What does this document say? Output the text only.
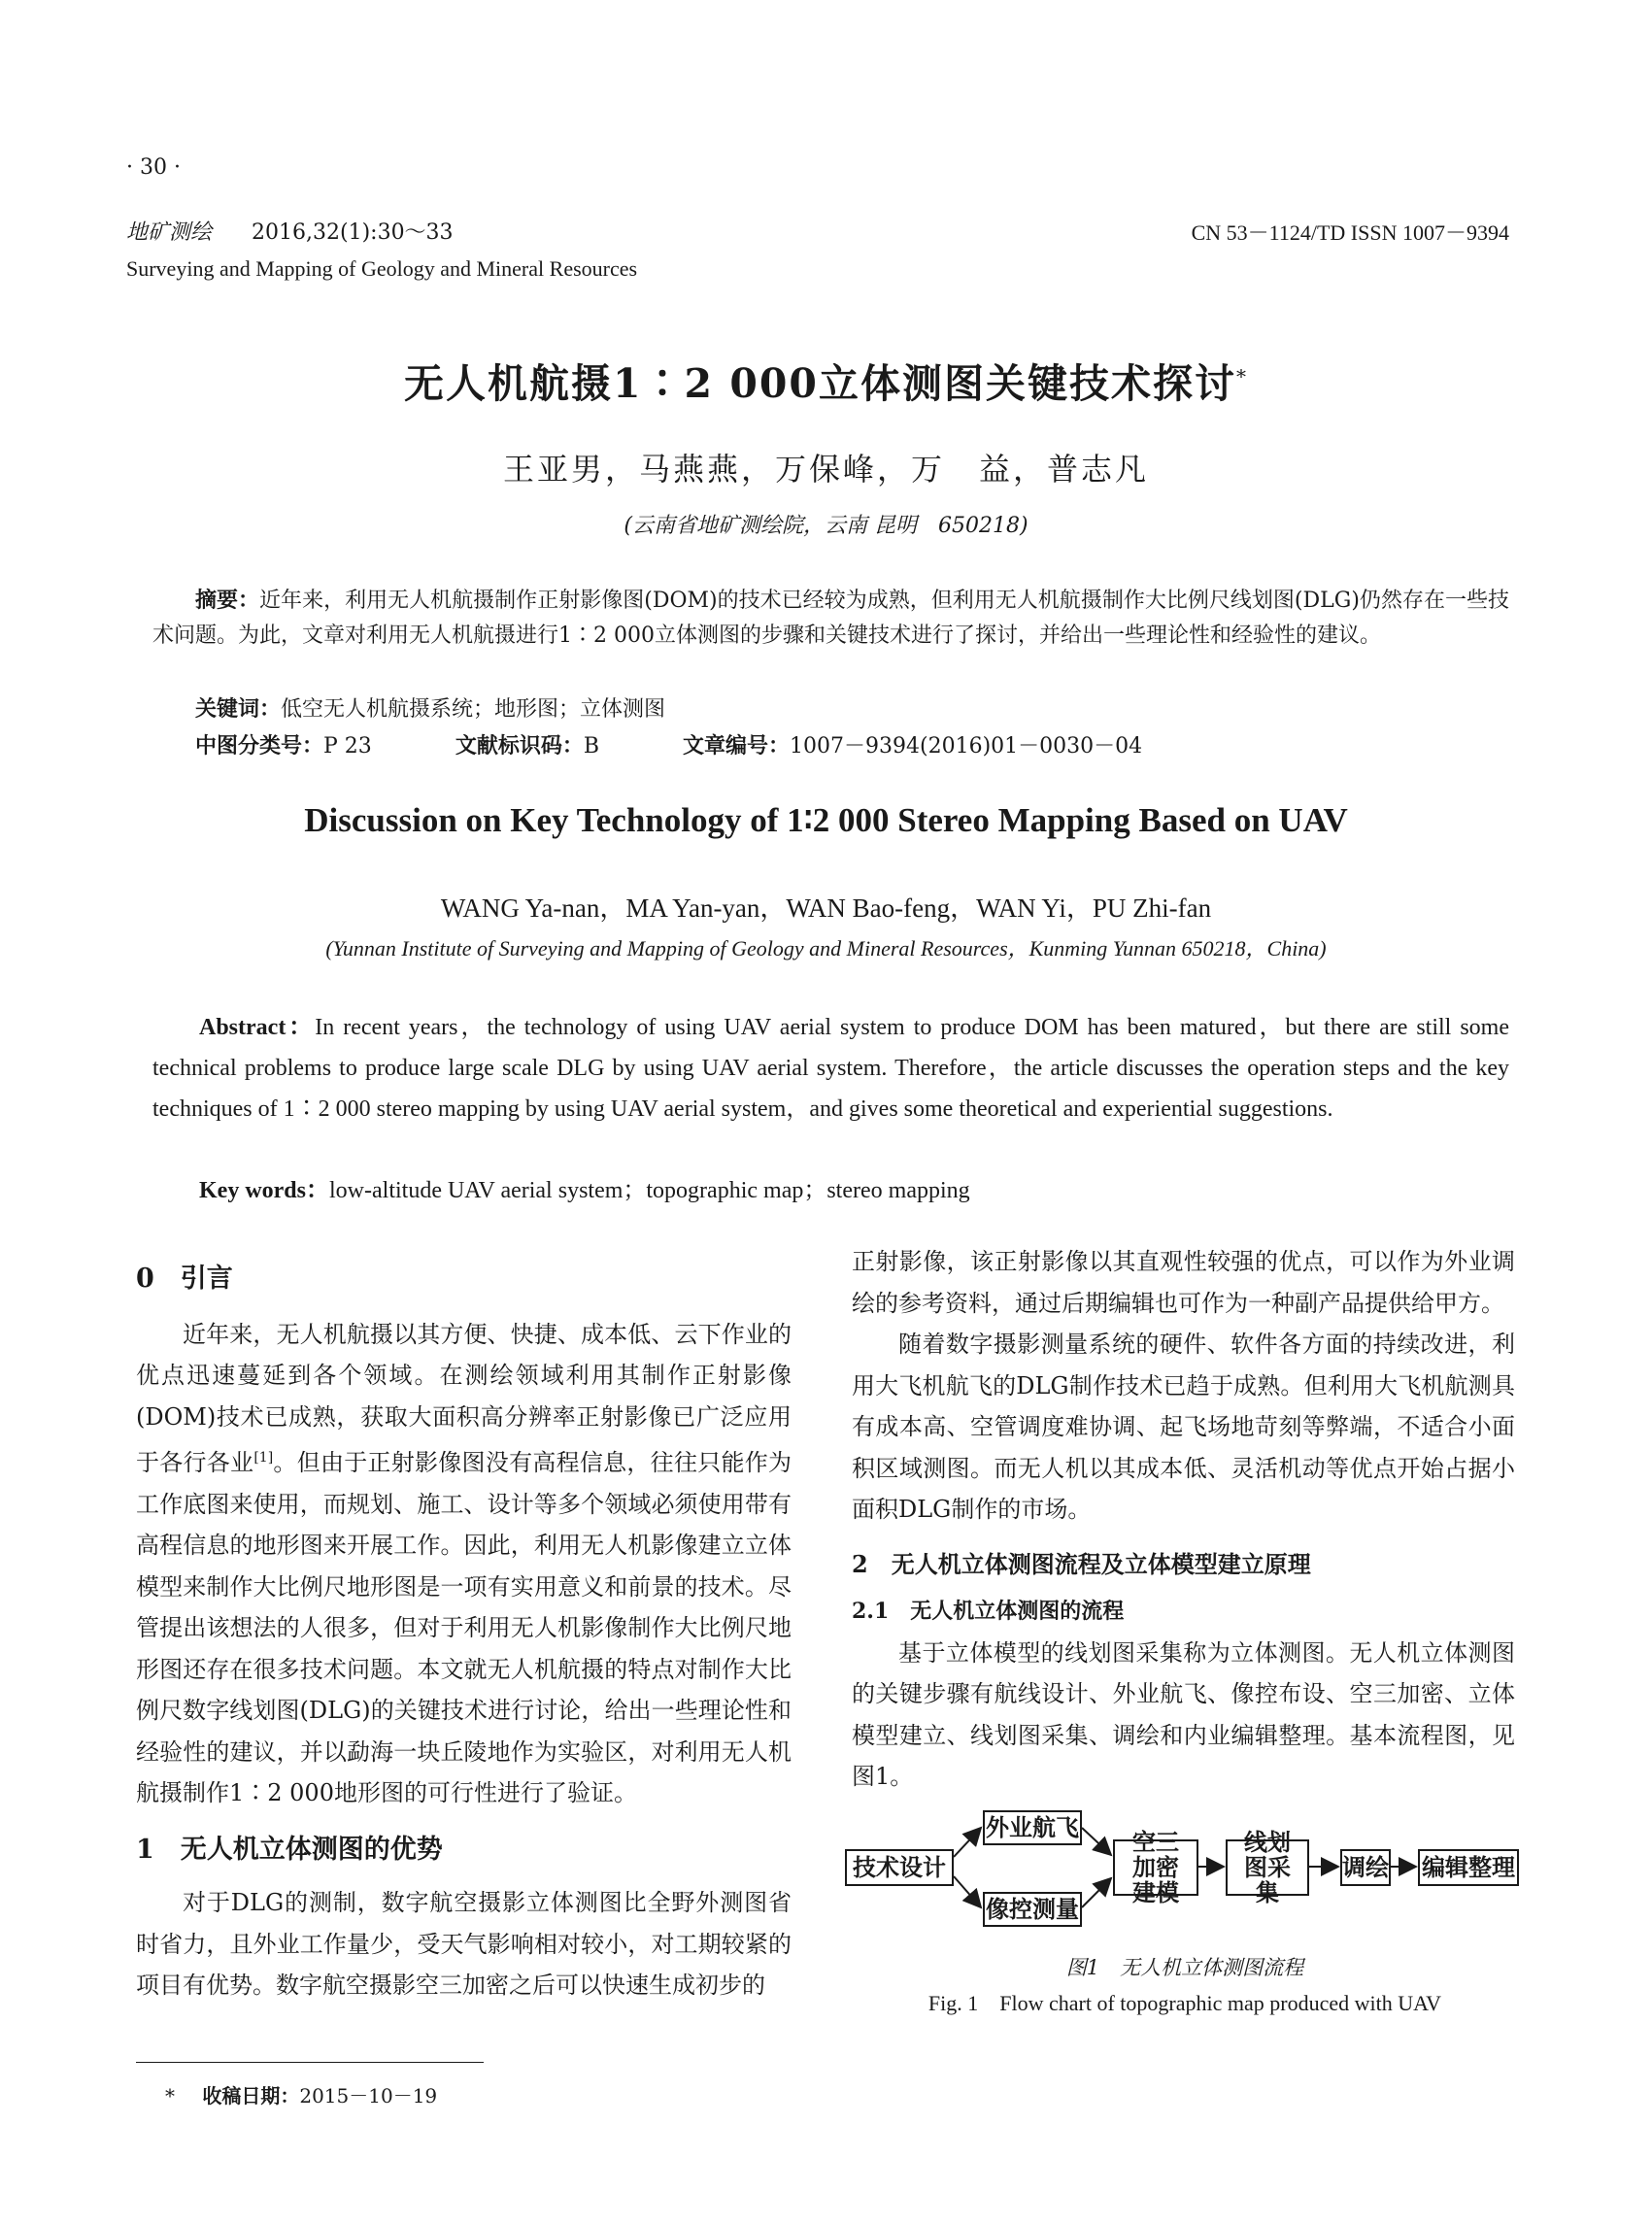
· 30 ·
地矿测绘 2016,32(1):30～33
Surveying and Mapping of Geology and Mineral Resources
CN 53－1124/TD ISSN 1007－9394
无人机航摄1∶2 000立体测图关键技术探讨*
王亚男，马燕燕，万保峰，万　益，普志凡
(云南省地矿测绘院，云南 昆明　650218)
摘要：近年来，利用无人机航摄制作正射影像图(DOM)的技术已经较为成熟，但利用无人机航摄制作大比例尺线划图(DLG)仍然存在一些技术问题。为此，文章对利用无人机航摄进行1∶2 000立体测图的步骤和关键技术进行了探讨，并给出一些理论性和经验性的建议。
关键词：低空无人机航摄系统；地形图；立体测图
中图分类号：P 23	文献标识码：B	文章编号：1007－9394(2016)01－0030－04
Discussion on Key Technology of 1∶2 000 Stereo Mapping Based on UAV
WANG Ya-nan，MA Yan-yan，WAN Bao-feng，WAN Yi，PU Zhi-fan
(Yunnan Institute of Surveying and Mapping of Geology and Mineral Resources，Kunming Yunnan 650218，China)
Abstract：In recent years，the technology of using UAV aerial system to produce DOM has been matured，but there are still some technical problems to produce large scale DLG by using UAV aerial system. Therefore，the article discusses the operation steps and the key techniques of 1∶2 000 stereo mapping by using UAV aerial system，and gives some theoretical and experiential suggestions.
Key words：low-altitude UAV aerial system；topographic map；stereo mapping

0　引言

近年来，无人机航摄以其方便、快捷、成本低、云下作业的优点迅速蔓延到各个领域。在测绘领域利用其制作正射影像(DOM)技术已成熟，获取大面积高分辨率正射影像已广泛应用于各行各业[1]。但由于正射影像图没有高程信息，往往只能作为工作底图来使用，而规划、施工、设计等多个领域必须使用带有高程信息的地形图来开展工作。因此，利用无人机影像建立立体模型来制作大比例尺地形图是一项有实用意义和前景的技术。尽管提出该想法的人很多，但对于利用无人机影像制作大比例尺地形图还存在很多技术问题。本文就无人机航摄的特点对制作大比例尺数字线划图(DLG)的关键技术进行讨论，给出一些理论性和经验性的建议，并以勐海一块丘陵地作为实验区，对利用无人机航摄制作1∶2 000地形图的可行性进行了验证。

1　无人机立体测图的优势

对于DLG的测制，数字航空摄影立体测图比全野外测图省时省力，且外业工作量少，受天气影响相对较小，对工期较紧的项目有优势。数字航空摄影空三加密之后可以快速生成初步的

正射影像，该正射影像以其直观性较强的优点，可以作为外业调绘的参考资料，通过后期编辑也可作为一种副产品提供给甲方。

随着数字摄影测量系统的硬件、软件各方面的持续改进，利用大飞机航飞的DLG制作技术已趋于成熟。但利用大飞机航测具有成本高、空管调度难协调、起飞场地苛刻等弊端，不适合小面积区域测图。而无人机以其成本低、灵活机动等优点开始占据小面积DLG制作的市场。

2　无人机立体测图流程及立体模型建立原理

2.1　无人机立体测图的流程

基于立体模型的线划图采集称为立体测图。无人机立体测图的关键步骤有航线设计、外业航飞、像控布设、空三加密、立体模型建立、线划图采集、调绘和内业编辑整理。基本流程图，见图1。

技术设计
外业航飞
像控测量
空三加密建模
线划图采集
调绘 编辑整理
图1　无人机立体测图流程
Fig. 1　Flow chart of topographic map produced with UAV
* 收稿日期：2015－10－19
